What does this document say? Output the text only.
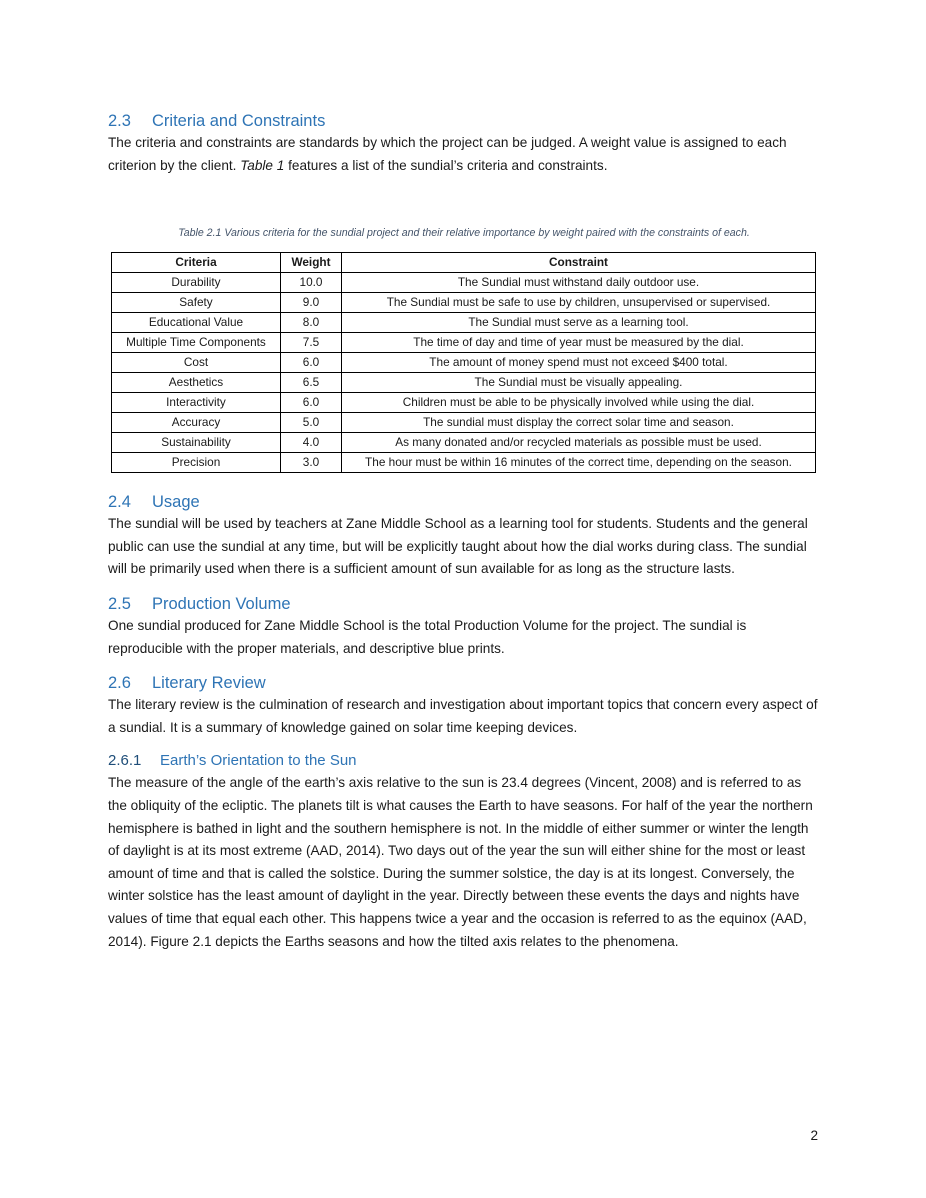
2.3 Criteria and Constraints

The criteria and constraints are standards by which the project can be judged. A weight value is assigned to each criterion by the client. Table 1 features a list of the sundial’s criteria and constraints.

Table 2.1 Various criteria for the sundial project and their relative importance by weight paired with the constraints of each.

Criteria	Weight	Constraint
Durability	10.0	The Sundial must withstand daily outdoor use.
Safety	9.0	The Sundial must be safe to use by children, unsupervised or supervised.
Educational Value	8.0	The Sundial must serve as a learning tool.
Multiple Time Components	7.5	The time of day and time of year must be measured by the dial.
Cost	6.0	The amount of money spend must not exceed $400 total.
Aesthetics	6.5	The Sundial must be visually appealing.
Interactivity	6.0	Children must be able to be physically involved while using the dial.
Accuracy	5.0	The sundial must display the correct solar time and season.
Sustainability	4.0	As many donated and/or recycled materials as possible must be used.
Precision	3.0	The hour must be within 16 minutes of the correct time, depending on the season.
2.4 Usage

The sundial will be used by teachers at Zane Middle School as a learning tool for students. Students and the general public can use the sundial at any time, but will be explicitly taught about how the dial works during class. The sundial will be primarily used when there is a sufficient amount of sun available for as long as the structure lasts.

2.5 Production Volume

One sundial produced for Zane Middle School is the total Production Volume for the project. The sundial is reproducible with the proper materials, and descriptive blue prints.

2.6 Literary Review

The literary review is the culmination of research and investigation about important topics that concern every aspect of a sundial. It is a summary of knowledge gained on solar time keeping devices.

2.6.1 Earth’s Orientation to the Sun

The measure of the angle of the earth’s axis relative to the sun is 23.4 degrees (Vincent, 2008) and is referred to as the obliquity of the ecliptic. The planets tilt is what causes the Earth to have seasons. For half of the year the northern hemisphere is bathed in light and the southern hemisphere is not. In the middle of either summer or winter the length of daylight is at its most extreme (AAD, 2014). Two days out of the year the sun will either shine for the most or least amount of time and that is called the solstice. During the summer solstice, the day is at its longest. Conversely, the winter solstice has the least amount of daylight in the year. Directly between these events the days and nights have values of time that equal each other. This happens twice a year and the occasion is referred to as the equinox (AAD, 2014). Figure 2.1 depicts the Earths seasons and how the tilted axis relates to the phenomena.

2
